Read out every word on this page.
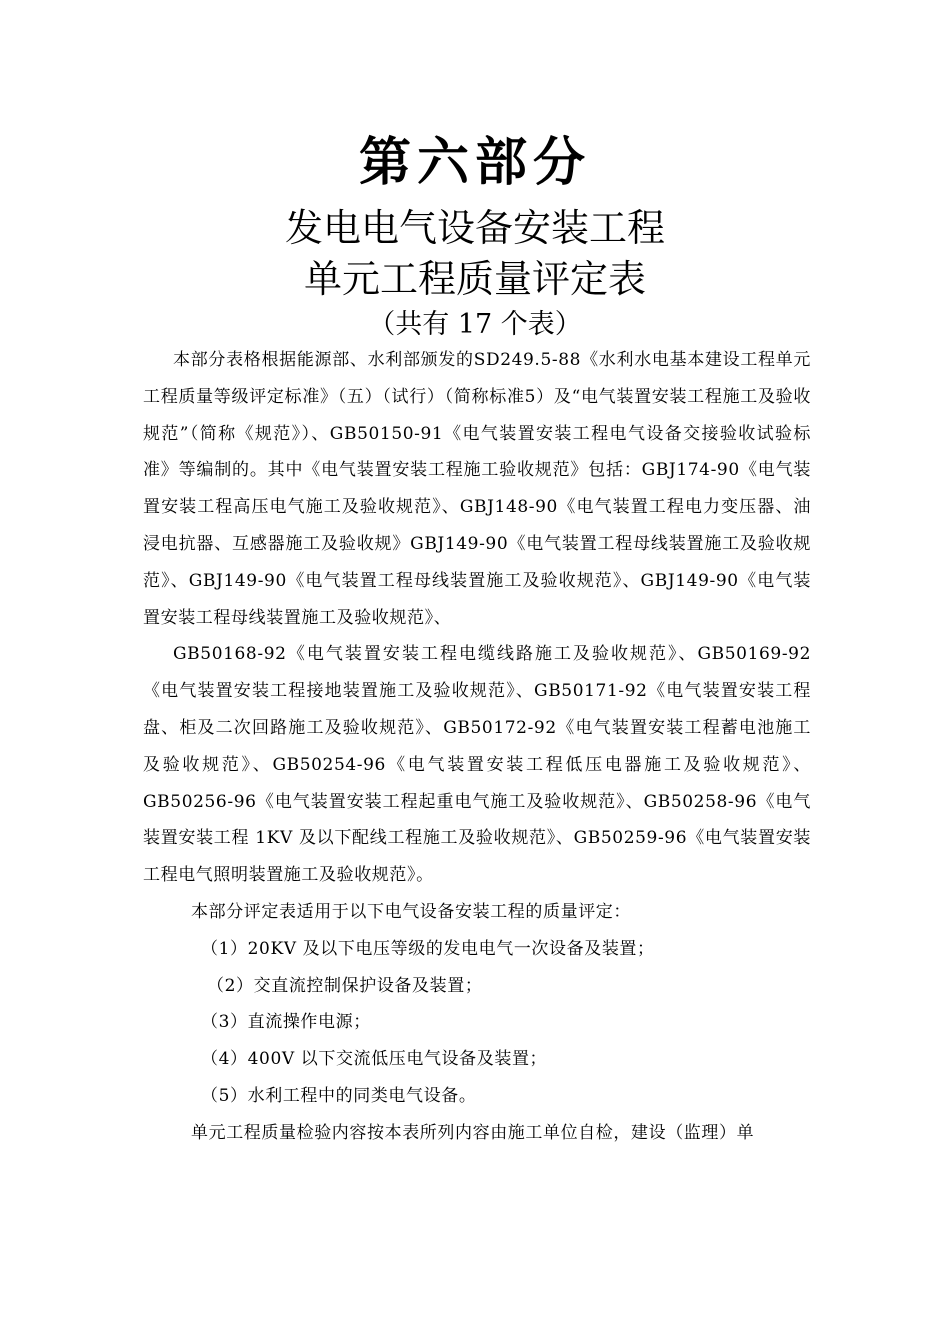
第六部分
发电电气设备安装工程
单元工程质量评定表
（共有 17 个表）

本部分表格根据能源部、水利部颁发的SD249.5-88《水利水电基本建设工程单元工程质量等级评定标准》（五）（试行）（简称标准5）及“电气装置安装工程施工及验收规范”（简称《规范》）、GB50150-91《电气装置安装工程电气设备交接验收试验标准》等编制的。其中《电气装置安装工程施工验收规范》包括：GBJ174-90《电气装置安装工程高压电气施工及验收规范》、GBJ148-90《电气装置工程电力变压器、油浸电抗器、互感器施工及验收规》GBJ149-90《电气装置工程母线装置施工及验收规范》、GBJ149-90《电气装置工程母线装置施工及验收规范》、GBJ149-90《电气装置安装工程母线装置施工及验收规范》、

GB50168-92《电气装置安装工程电缆线路施工及验收规范》、GB50169-92《电气装置安装工程接地装置施工及验收规范》、GB50171-92《电气装置安装工程盘、柜及二次回路施工及验收规范》、GB50172-92《电气装置安装工程蓄电池施工及验收规范》、GB50254-96《电气装置安装工程低压电器施工及验收规范》、GB50256-96《电气装置安装工程起重电气施工及验收规范》、GB50258-96《电气装置安装工程 1KV 及以下配线工程施工及验收规范》、GB50259-96《电气装置安装工程电气照明装置施工及验收规范》。

本部分评定表适用于以下电气设备安装工程的质量评定：

（1）20KV 及以下电压等级的发电电气一次设备及装置；

（2）交直流控制保护设备及装置；

（3）直流操作电源；

（4）400V 以下交流低压电气设备及装置；

（5）水利工程中的同类电气设备。

单元工程质量检验内容按本表所列内容由施工单位自检，建设（监理）单
